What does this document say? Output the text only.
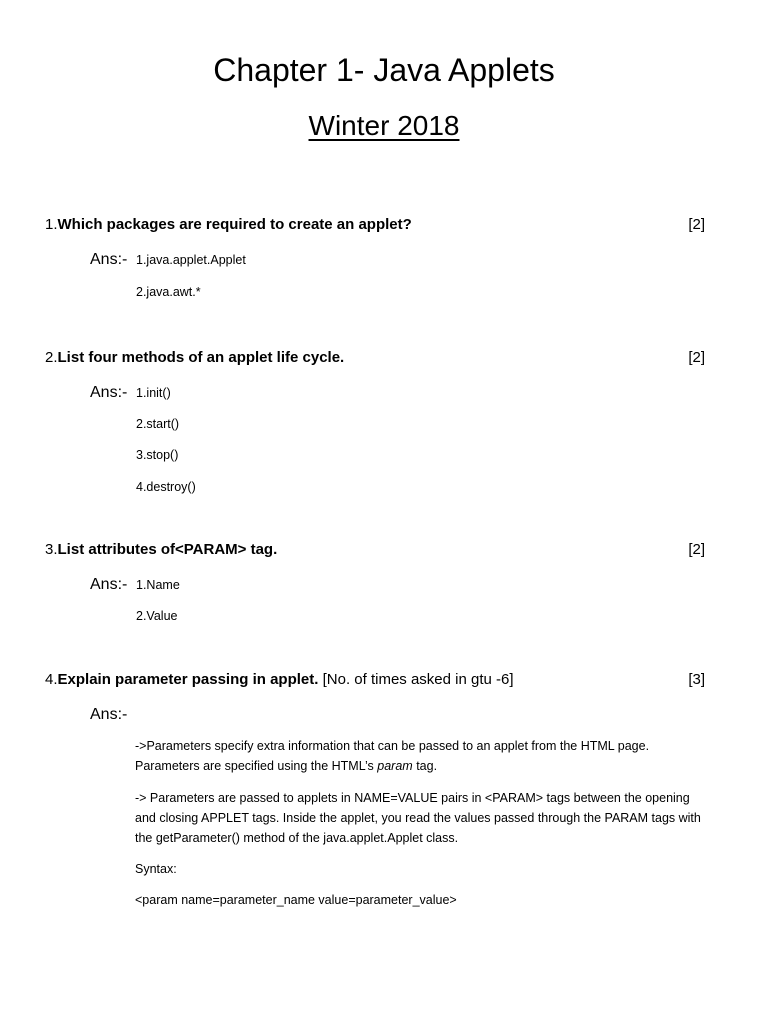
Chapter 1- Java Applets
Winter 2018
1.Which packages are required to create an applet?	[2]
Ans:- 1.java.applet.Applet
2.java.awt.*
2.List four methods of an applet life cycle.	[2]
Ans:- 1.init()
2.start()
3.stop()
4.destroy()
3.List attributes of<PARAM> tag.	[2]
Ans:- 1.Name
2.Value
4.Explain parameter passing in applet. [No. of times asked in gtu -6]	[3]
Ans:-
->Parameters specify extra information that can be passed to an applet from the HTML page. Parameters are specified using the HTML’s param tag.
-> Parameters are passed to applets in NAME=VALUE pairs in <PARAM> tags between the opening and closing APPLET tags. Inside the applet, you read the values passed through the PARAM tags with the getParameter() method of the java.applet.Applet class.
Syntax:
<param name=parameter_name value=parameter_value>
